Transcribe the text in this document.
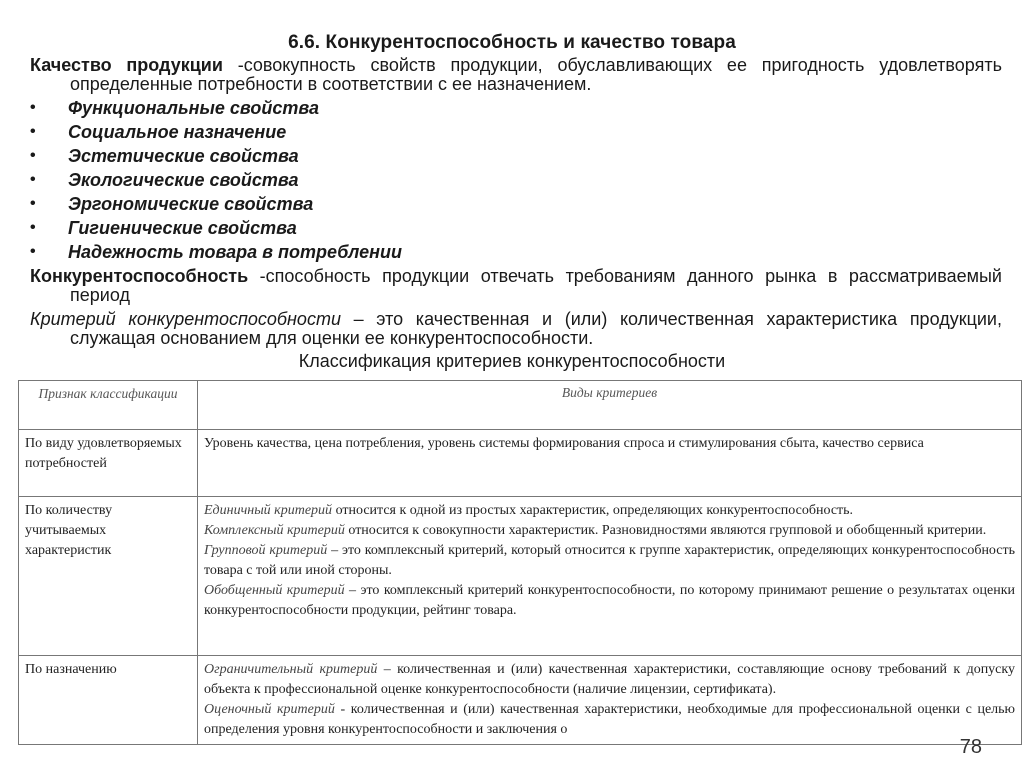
6.6. Конкурентоспособность и качество товара
Качество продукции -совокупность свойств продукции, обуславливающих ее пригодность удовлетворять определенные потребности в соответствии с ее назначением.
• Функциональные свойства
• Социальное назначение
• Эстетические свойства
• Экологические свойства
• Эргономические свойства
• Гигиенические свойства
• Надежность товара в потреблении
Конкурентоспособность -способность продукции отвечать требованиям данного рынка в рассматриваемый период
Критерий конкурентоспособности – это качественная и (или) количественная характеристика продукции, служащая основанием для оценки ее конкурентоспособности.
Классификация критериев конкурентоспособности
Признак классификации	Виды критериев
По виду удовлетворяемых потребностей	Уровень качества, цена потребления, уровень системы формирования спроса и стимулирования сбыта, качество сервиса

По количеству учитываемых характеристик	Единичный критерий относится к одной из простых характеристик, определяющих конкурентоспособность.

Комплексный критерий относится к совокупности характеристик. Разновидностями являются групповой и обобщенный критерии.

Групповой критерий – это комплексный критерий, который относится к группе характеристик, определяющих конкурентоспособность товара с той или иной стороны.

Обобщенный критерий – это комплексный критерий конкурентоспособности, по которому принимают решение о результатах оценки конкурентоспособности продукции, рейтинг товара.

По назначению	Ограничительный критерий – количественная и (или) качественная характеристики, составляющие основу требований к допуску объекта к профессиональной оценке конкурентоспособности (наличие лицензии, сертификата).

Оценочный критерий - количественная и (или) качественная характеристики, необходимые для профессиональной оценки с целью определения уровня конкурентоспособности и заключения о

78
